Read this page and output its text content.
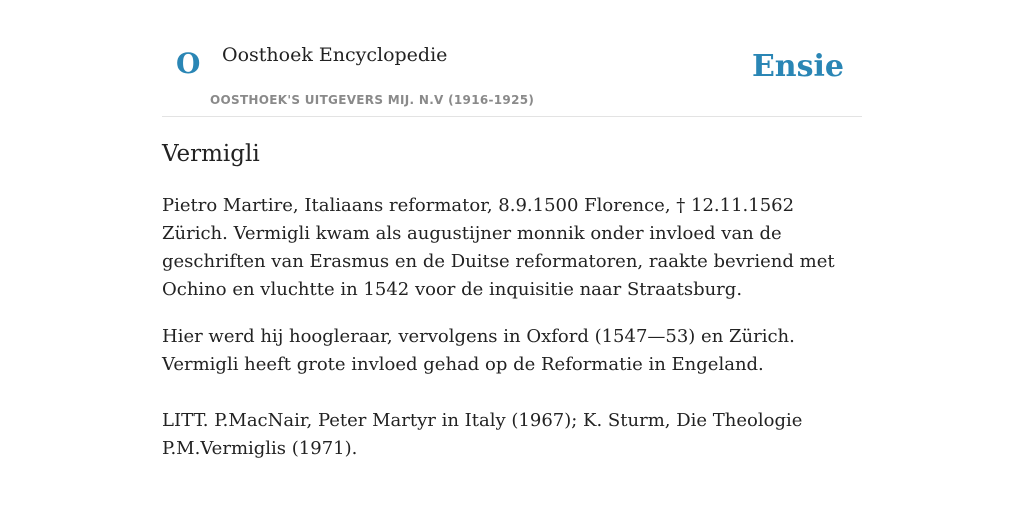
O Oosthoek Encyclopedie
OOSTHOEK'S UITGEVERS MIJ. N.V (1916-1925)
Ensie
Vermigli

Pietro Martire, Italiaans reformator, 8.9.1500 Florence, † 12.11.1562 Zürich. Vermigli kwam als augustijner monnik onder invloed van de geschriften van Erasmus en de Duitse reformatoren, raakte bevriend met Ochino en vluchtte in 1542 voor de inquisitie naar Straatsburg.

Hier werd hij hoogleraar, vervolgens in Oxford (1547—53) en Zürich. Vermigli heeft grote invloed gehad op de Reformatie in Engeland.

LITT. P.MacNair, Peter Martyr in Italy (1967); K. Sturm, Die Theologie P.M.Vermiglis (1971).
